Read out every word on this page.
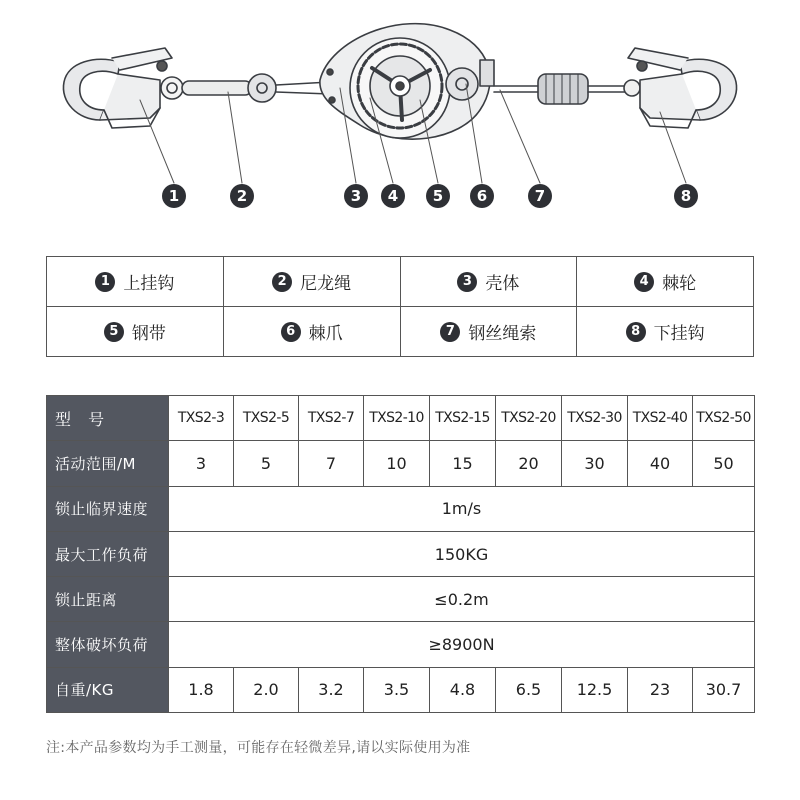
1	2	3	4	5	6	7	8
1 上挂钩	2 尼龙绳	3 壳体	4 棘轮

5 钢带	6 棘爪	7 钢丝绳索	8 下挂钩
型 号	TXS2-3	TXS2-5	TXS2-7	TXS2-10	TXS2-15	TXS2-20	TXS2-30	TXS2-40	TXS2-50
活动范围/M	3	5	7	10	15	20	30	40	50
锁止临界速度	1m/s								
最大工作负荷	150KG								
锁止距离	≤0.2m								
整体破坏负荷	≥8900N								
自重/KG	1.8	2.0	3.2	3.5	4.8	6.5	12.5	23	30.7
注:本产品参数均为手工测量，可能存在轻微差异,请以实际使用为准
